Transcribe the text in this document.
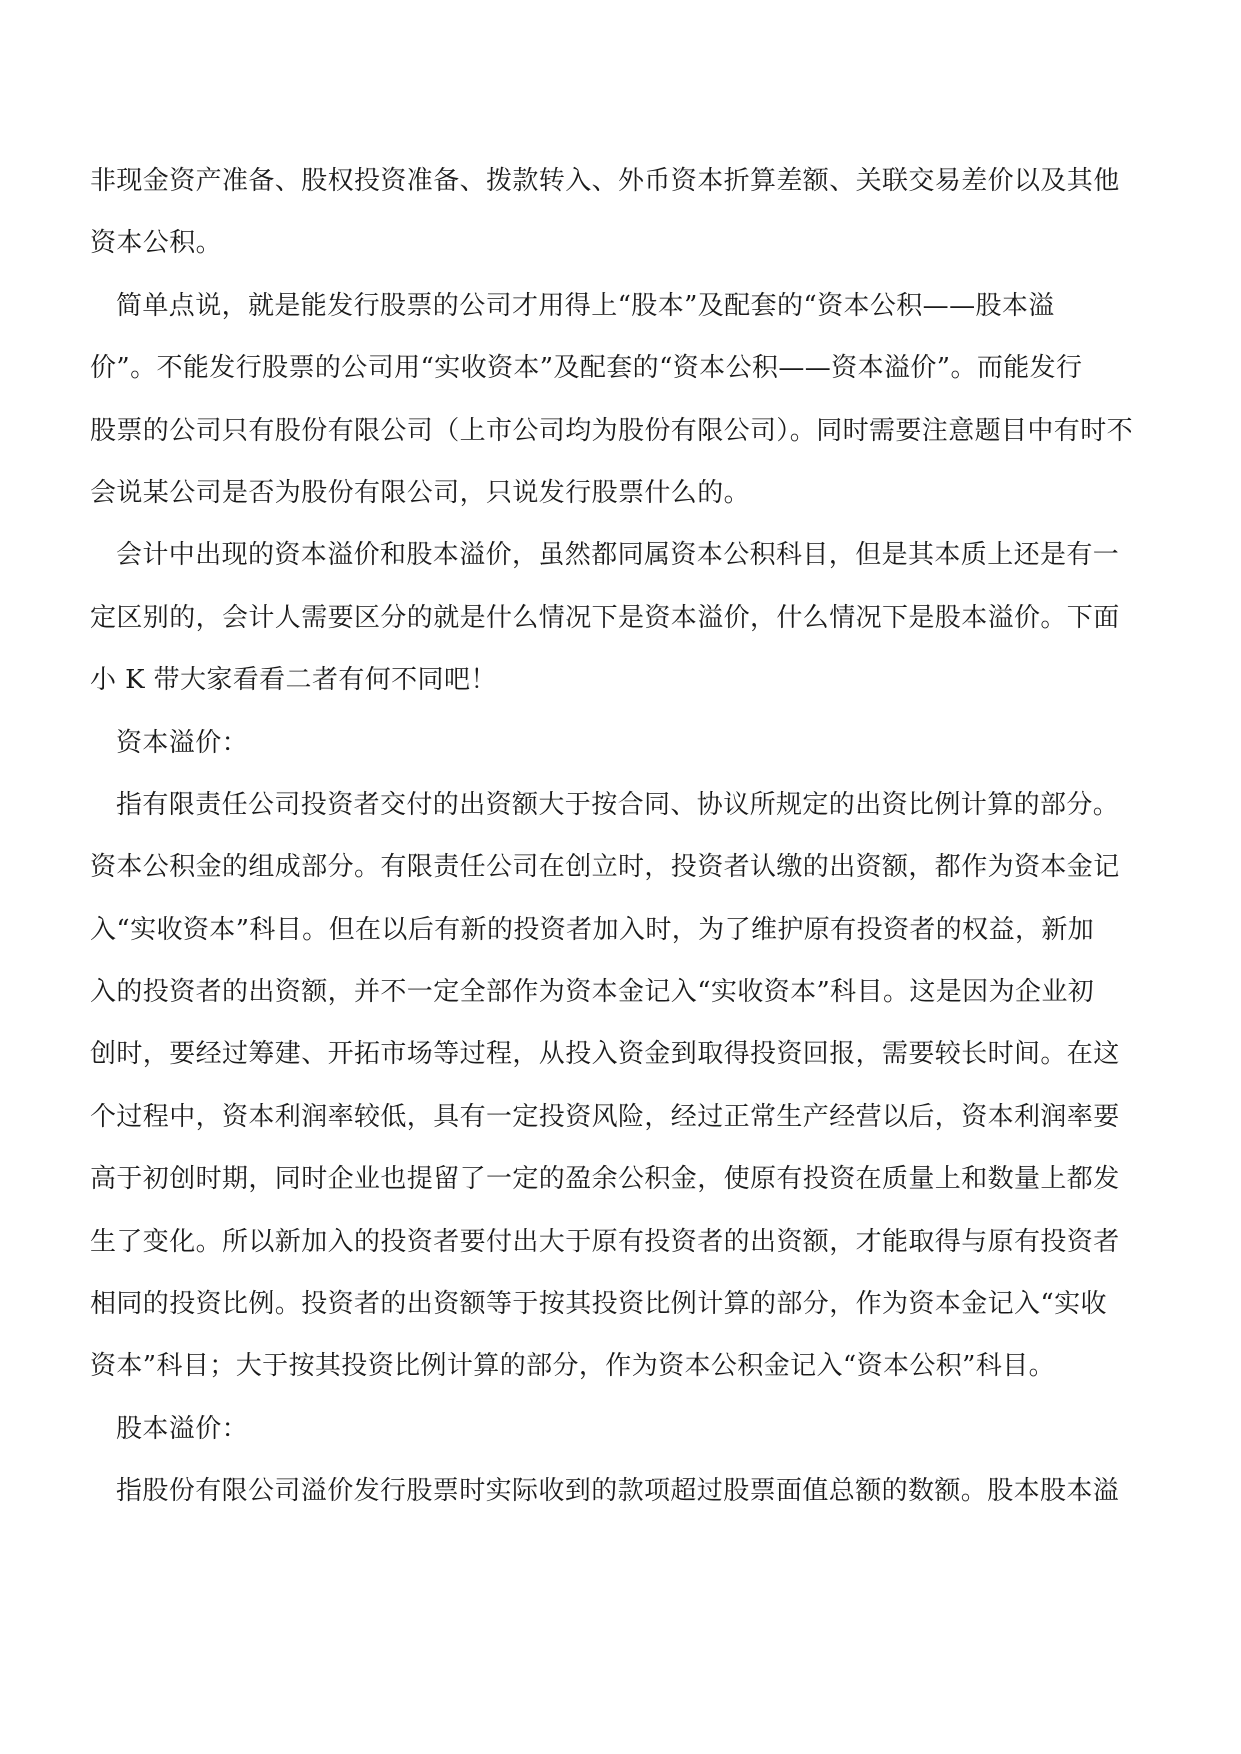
非现金资产准备、股权投资准备、拨款转入、外币资本折算差额、关联交易差价以及其他
资本公积。
简单点说，就是能发行股票的公司才用得上“股本”及配套的“资本公积——股本溢
价”。不能发行股票的公司用“实收资本”及配套的“资本公积——资本溢价”。而能发行
股票的公司只有股份有限公司（上市公司均为股份有限公司）。同时需要注意题目中有时不
会说某公司是否为股份有限公司，只说发行股票什么的。
会计中出现的资本溢价和股本溢价，虽然都同属资本公积科目，但是其本质上还是有一
定区别的，会计人需要区分的就是什么情况下是资本溢价，什么情况下是股本溢价。下面
小 K 带大家看看二者有何不同吧！
资本溢价：
指有限责任公司投资者交付的出资额大于按合同、协议所规定的出资比例计算的部分。
资本公积金的组成部分。有限责任公司在创立时，投资者认缴的出资额，都作为资本金记
入“实收资本”科目。但在以后有新的投资者加入时，为了维护原有投资者的权益，新加
入的投资者的出资额，并不一定全部作为资本金记入“实收资本”科目。这是因为企业初
创时，要经过筹建、开拓市场等过程，从投入资金到取得投资回报，需要较长时间。在这
个过程中，资本利润率较低，具有一定投资风险，经过正常生产经营以后，资本利润率要
高于初创时期，同时企业也提留了一定的盈余公积金，使原有投资在质量上和数量上都发
生了变化。所以新加入的投资者要付出大于原有投资者的出资额，才能取得与原有投资者
相同的投资比例。投资者的出资额等于按其投资比例计算的部分，作为资本金记入“实收
资本”科目；大于按其投资比例计算的部分，作为资本公积金记入“资本公积”科目。
股本溢价：
指股份有限公司溢价发行股票时实际收到的款项超过股票面值总额的数额。股本股本溢
